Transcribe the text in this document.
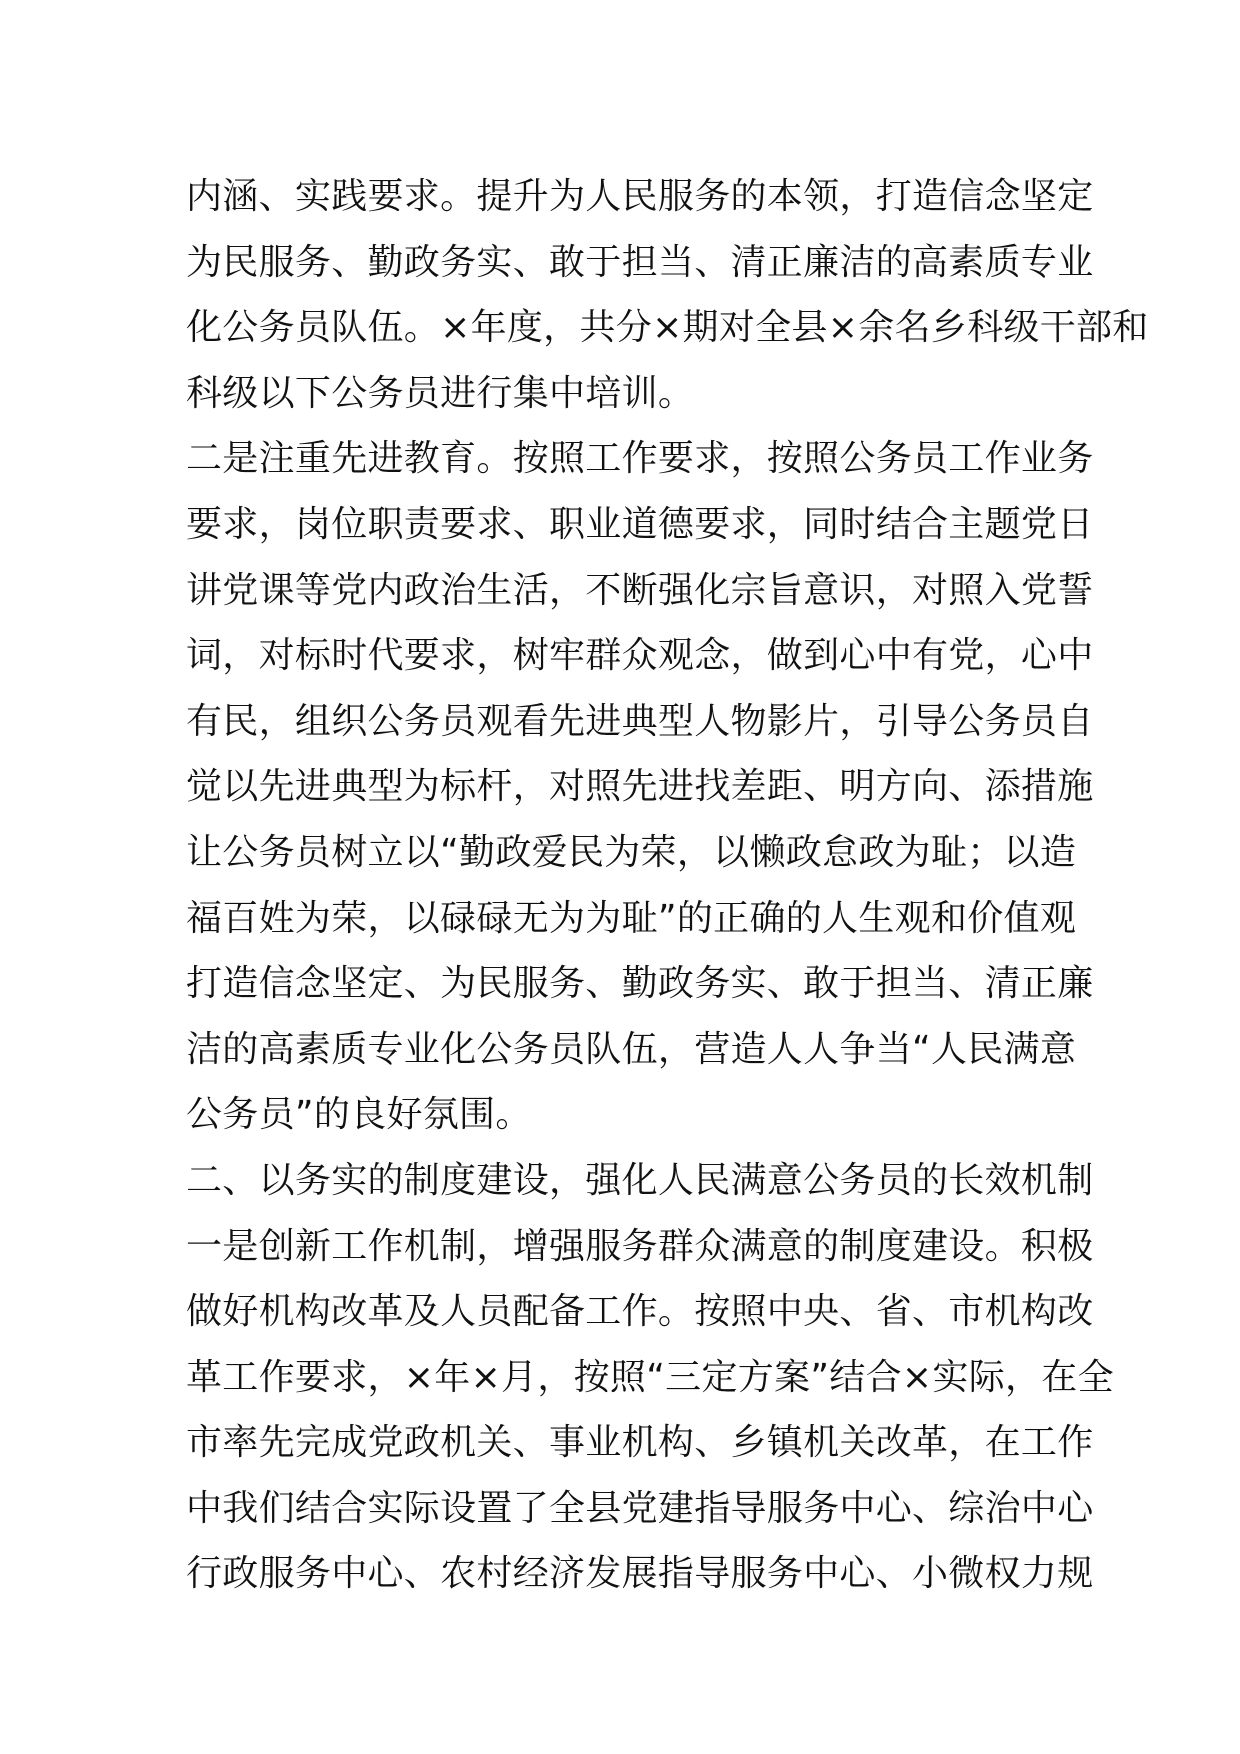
内涵、实践要求。提升为人民服务的本领，打造信念坚定
为民服务、勤政务实、敢于担当、清正廉洁的高素质专业
化公务员队伍。×年度，共分×期对全县×余名乡科级干部和
科级以下公务员进行集中培训。
二是注重先进教育。按照工作要求，按照公务员工作业务
要求，岗位职责要求、职业道德要求，同时结合主题党日
讲党课等党内政治生活，不断强化宗旨意识，对照入党誓
词，对标时代要求，树牢群众观念，做到心中有党，心中
有民，组织公务员观看先进典型人物影片，引导公务员自
觉以先进典型为标杆，对照先进找差距、明方向、添措施
让公务员树立以“勤政爱民为荣，以懒政怠政为耻；以造
福百姓为荣，以碌碌无为为耻”的正确的人生观和价值观
打造信念坚定、为民服务、勤政务实、敢于担当、清正廉
洁的高素质专业化公务员队伍，营造人人争当“人民满意
公务员”的良好氛围。
二、以务实的制度建设，强化人民满意公务员的长效机制
一是创新工作机制，增强服务群众满意的制度建设。积极
做好机构改革及人员配备工作。按照中央、省、市机构改
革工作要求，×年×月，按照“三定方案”结合×实际，在全
市率先完成党政机关、事业机构、乡镇机关改革，在工作
中我们结合实际设置了全县党建指导服务中心、综治中心
行政服务中心、农村经济发展指导服务中心、小微权力规
